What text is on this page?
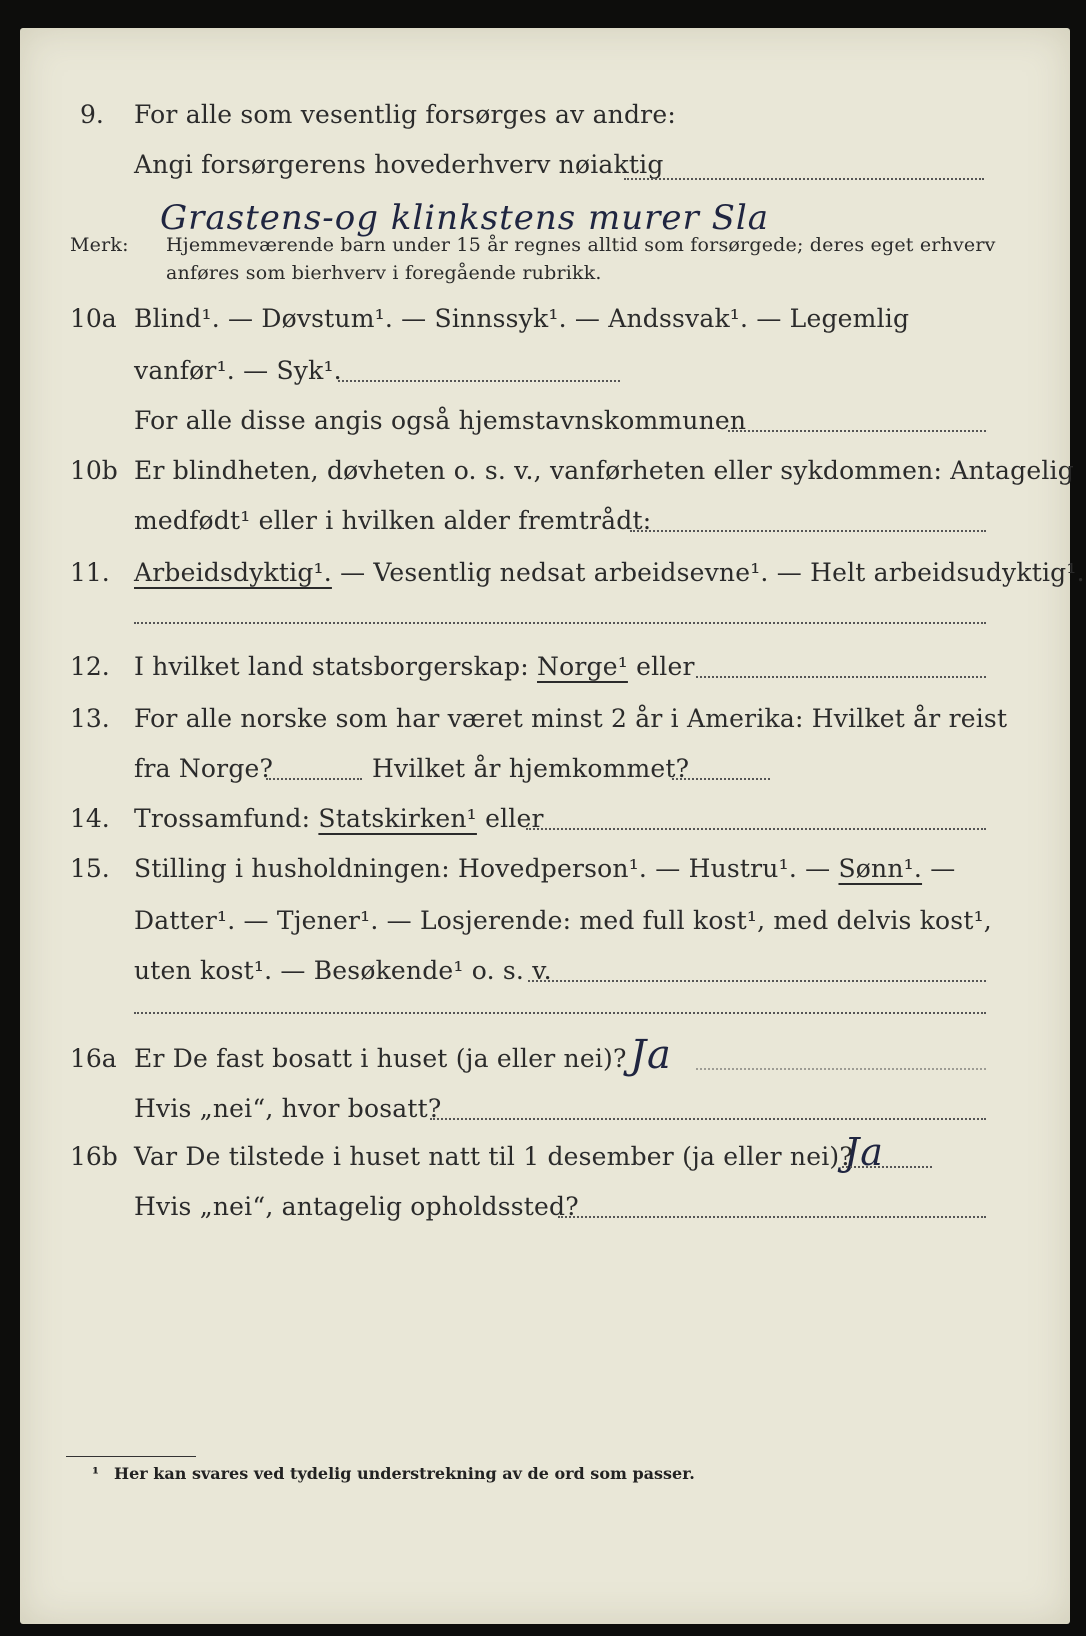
9. For alle som vesentlig forsørges av andre:
Angi forsørgerens hovederhverv nøiaktig
Grastens-og klinkstens murer Sla
Merk: Hjemmeværende barn under 15 år regnes alltid som forsørgede; deres eget erhverv
anføres som bierhverv i foregående rubrikk.
10a Blind¹. — Døvstum¹. — Sinnssyk¹. — Andssvak¹. — Legemlig
vanfør¹. — Syk¹.
For alle disse angis også hjemstavnskommunen
10b Er blindheten, døvheten o. s. v., vanførheten eller sykdommen: Antagelig
medfødt¹ eller i hvilken alder fremtrådt:
11. Arbeidsdyktig¹. — Vesentlig nedsat arbeidsevne¹. — Helt arbeidsudyktig¹.
12. I hvilket land statsborgerskap: Norge¹ eller
13. For alle norske som har været minst 2 år i Amerika: Hvilket år reist
fra Norge?	Hvilket år hjemkommet?
14. Trossamfund: Statskirken¹ eller
15. Stilling i husholdningen: Hovedperson¹. — Hustru¹. — Sønn¹. —
Datter¹. — Tjener¹. — Losjerende: med full kost¹, med delvis kost¹,
uten kost¹. — Besøkende¹ o. s. v.
16a Er De fast bosatt i huset (ja eller nei)? Ja
Hvis „nei“, hvor bosatt?
16b Var De tilstede i huset natt til 1 desember (ja eller nei)?
Ja
Hvis „nei“, antagelig opholdssted?
¹ Her kan svares ved tydelig understrekning av de ord som passer.
